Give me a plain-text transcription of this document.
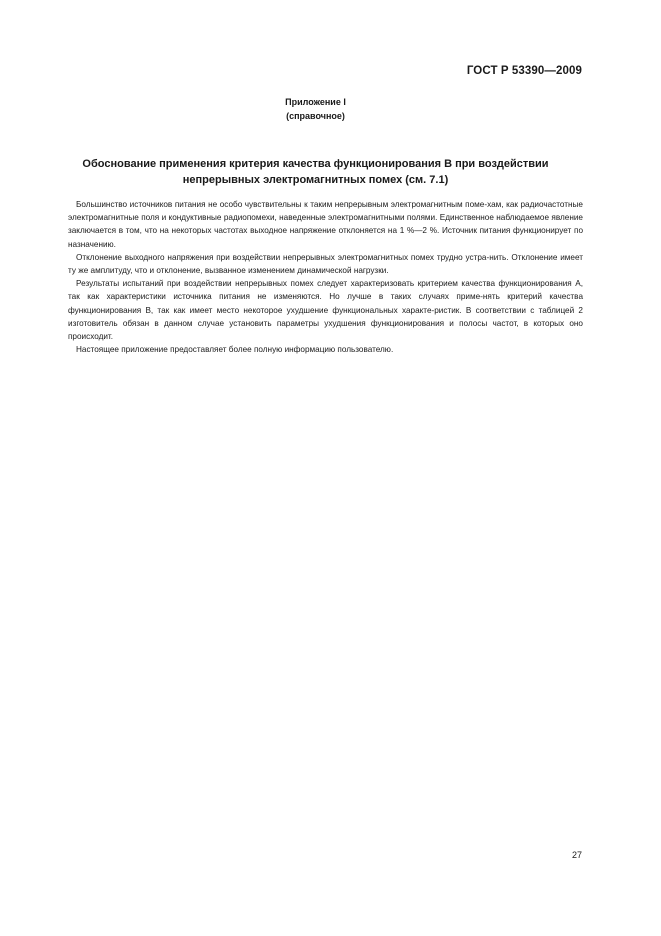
ГОСТ Р 53390—2009
Приложение I
(справочное)
Обоснование применения критерия качества функционирования В при воздействии
непрерывных электромагнитных помех (см. 7.1)

Большинство источников питания не особо чувствительны к таким непрерывным электромагнитным поме-хам, как радиочастотные электромагнитные поля и кондуктивные радиопомехи, наведенные электромагнитными полями. Единственное наблюдаемое явление заключается в том, что на некоторых частотах выходное напряжение отклоняется на 1 %—2 %. Источник питания функционирует по назначению.

Отклонение выходного напряжения при воздействии непрерывных электромагнитных помех трудно устра-нить. Отклонение имеет ту же амплитуду, что и отклонение, вызванное изменением динамической нагрузки.

Результаты испытаний при воздействии непрерывных помех следует характеризовать критерием качества функционирования А, так как характеристики источника питания не изменяются. Но лучше в таких случаях приме-нять критерий качества функционирования В, так как имеет место некоторое ухудшение функциональных характе-ристик. В соответствии с таблицей 2 изготовитель обязан в данном случае установить параметры ухудшения функционирования и полосы частот, в которых оно происходит.

Настоящее приложение предоставляет более полную информацию пользователю.

27
